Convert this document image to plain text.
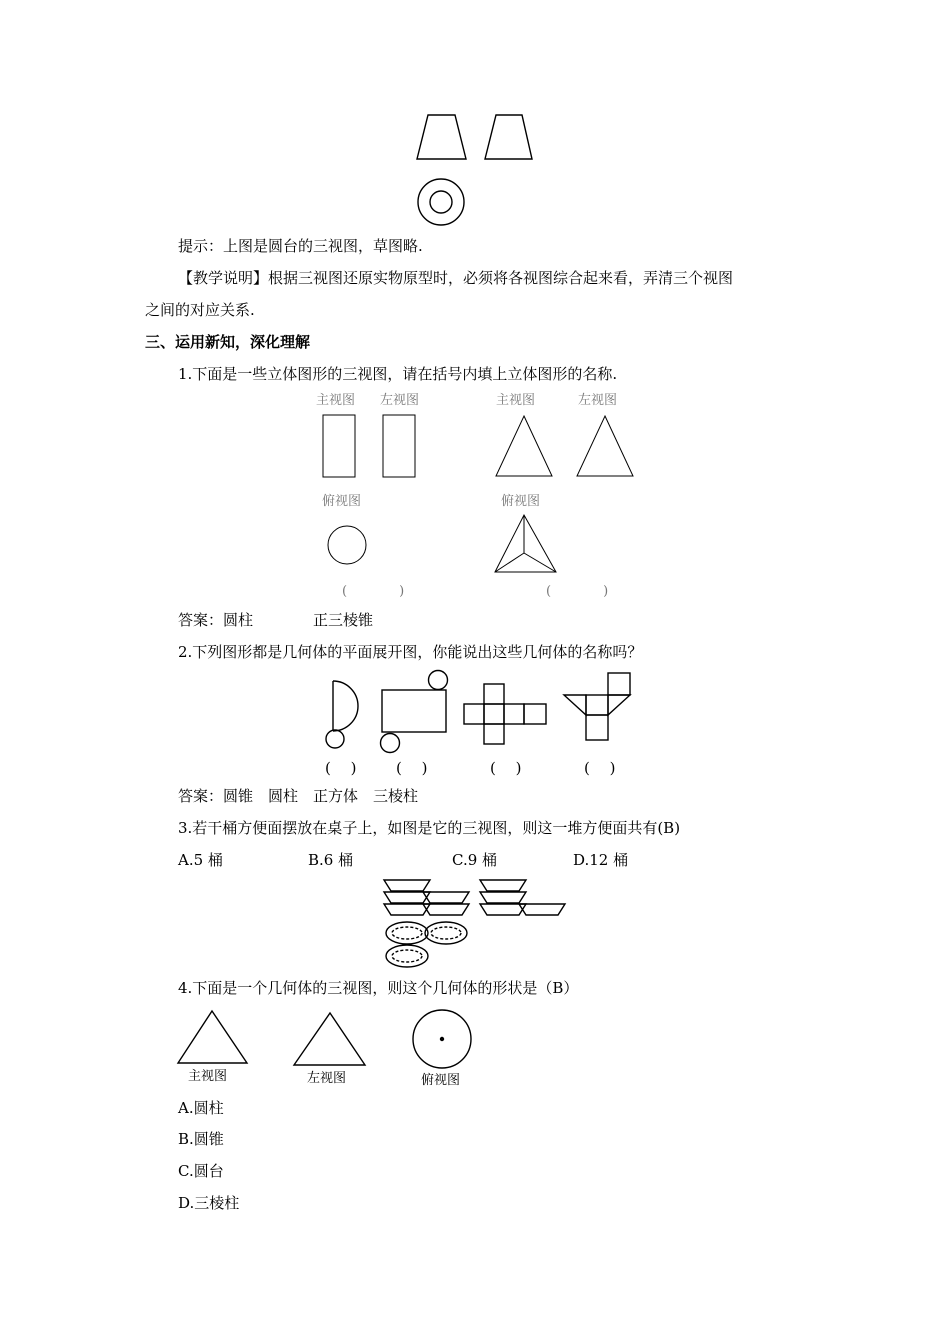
提示：上图是圆台的三视图，草图略.
【教学说明】根据三视图还原实物原型时，必须将各视图综合起来看，弄清三个视图
之间的对应关系.
三、运用新知，深化理解
1.下面是一些立体图形的三视图，请在括号内填上立体图形的名称.
主视图 左视图	主视图	左视图
俯视图	俯视图
(　　　　)	(　　　　)
答案：圆柱　　　　正三棱锥
2.下列图形都是几何体的平面展开图，你能说出这些几何体的名称吗？
(　 )	(　 )	(　 )	(　 )
答案：圆锥　圆柱　正方体　三棱柱
3.若干桶方便面摆放在桌子上，如图是它的三视图，则这一堆方便面共有(B)
A.5 桶	B.6 桶	C.9 桶	D.12 桶
4.下面是一个几何体的三视图，则这个几何体的形状是（B）
主视图	左视图	俯视图
A.圆柱
B.圆锥
C.圆台
D.三棱柱
